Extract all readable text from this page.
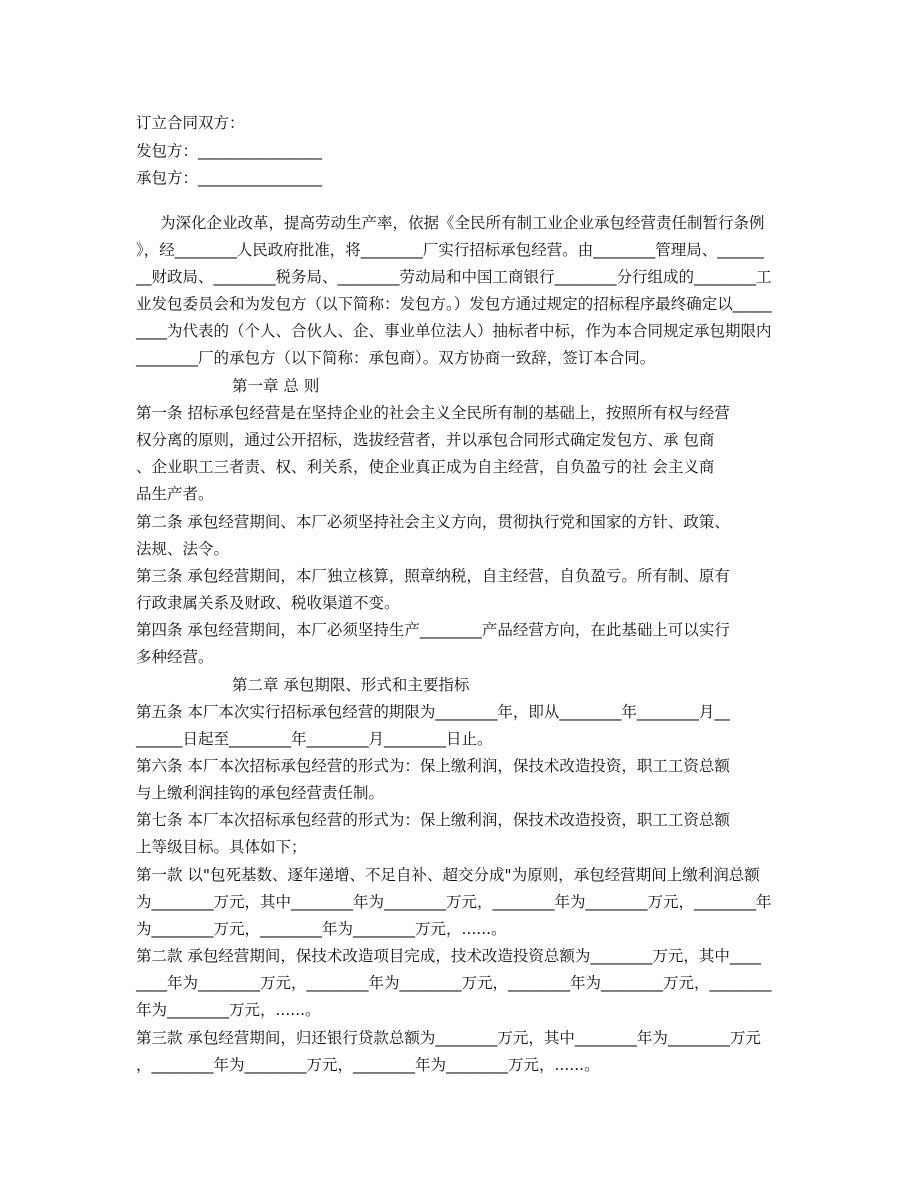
订立合同双方：
发包方：________________
承包方：________________
为深化企业改革，提高劳动生产率，依据《全民所有制工业企业承包经营责任制暂行条例
》，经________人民政府批准，将________厂实行招标承包经营。由________管理局、______
__财政局、________税务局、________劳动局和中国工商银行________分行组成的________工
业发包委员会和为发包方（以下简称：发包方。）发包方通过规定的招标程序最终确定以_____
____为代表的（个人、合伙人、企、事业单位法人）抽标者中标，作为本合同规定承包期限内
________厂的承包方（以下简称：承包商）。双方协商一致辞，签订本合同。
第一章 总 则
第一条 招标承包经营是在坚持企业的社会主义全民所有制的基础上，按照所有权与经营
权分离的原则，通过公开招标，选拔经营者，并以承包合同形式确定发包方、承 包商
、企业职工三者责、权、利关系，使企业真正成为自主经营，自负盈亏的社 会主义商
品生产者。
第二条 承包经营期间、本厂必须坚持社会主义方向，贯彻执行党和国家的方针、政策、
法规、法令。
第三条 承包经营期间，本厂独立核算，照章纳税，自主经营，自负盈亏。所有制、原有
行政隶属关系及财政、税收渠道不变。
第四条 承包经营期间，本厂必须坚持生产________产品经营方向，在此基础上可以实行
多种经营。
第二章 承包期限、形式和主要指标
第五条 本厂本次实行招标承包经营的期限为________年，即从________年________月__
______日起至________年________月________日止。
第六条 本厂本次招标承包经营的形式为：保上缴利润，保技术改造投资，职工工资总额
与上缴利润挂钩的承包经营责任制。
第七条 本厂本次招标承包经营的形式为：保上缴利润，保技术改造投资，职工工资总额
上等级目标。具体如下；
第一款 以"包死基数、逐年递增、不足自补、超交分成"为原则，承包经营期间上缴利润总额
为________万元，其中________年为________万元，________年为________万元，________年
为________万元，________年为________万元，......。
第二款 承包经营期间，保技术改造项目完成，技术改造投资总额为________万元，其中____
____年为________万元，________年为________万元，________年为________万元，________
年为________万元，......。
第三款 承包经营期间，归还银行贷款总额为________万元，其中________年为________万元
，________年为________万元，________年为________万元，......。
